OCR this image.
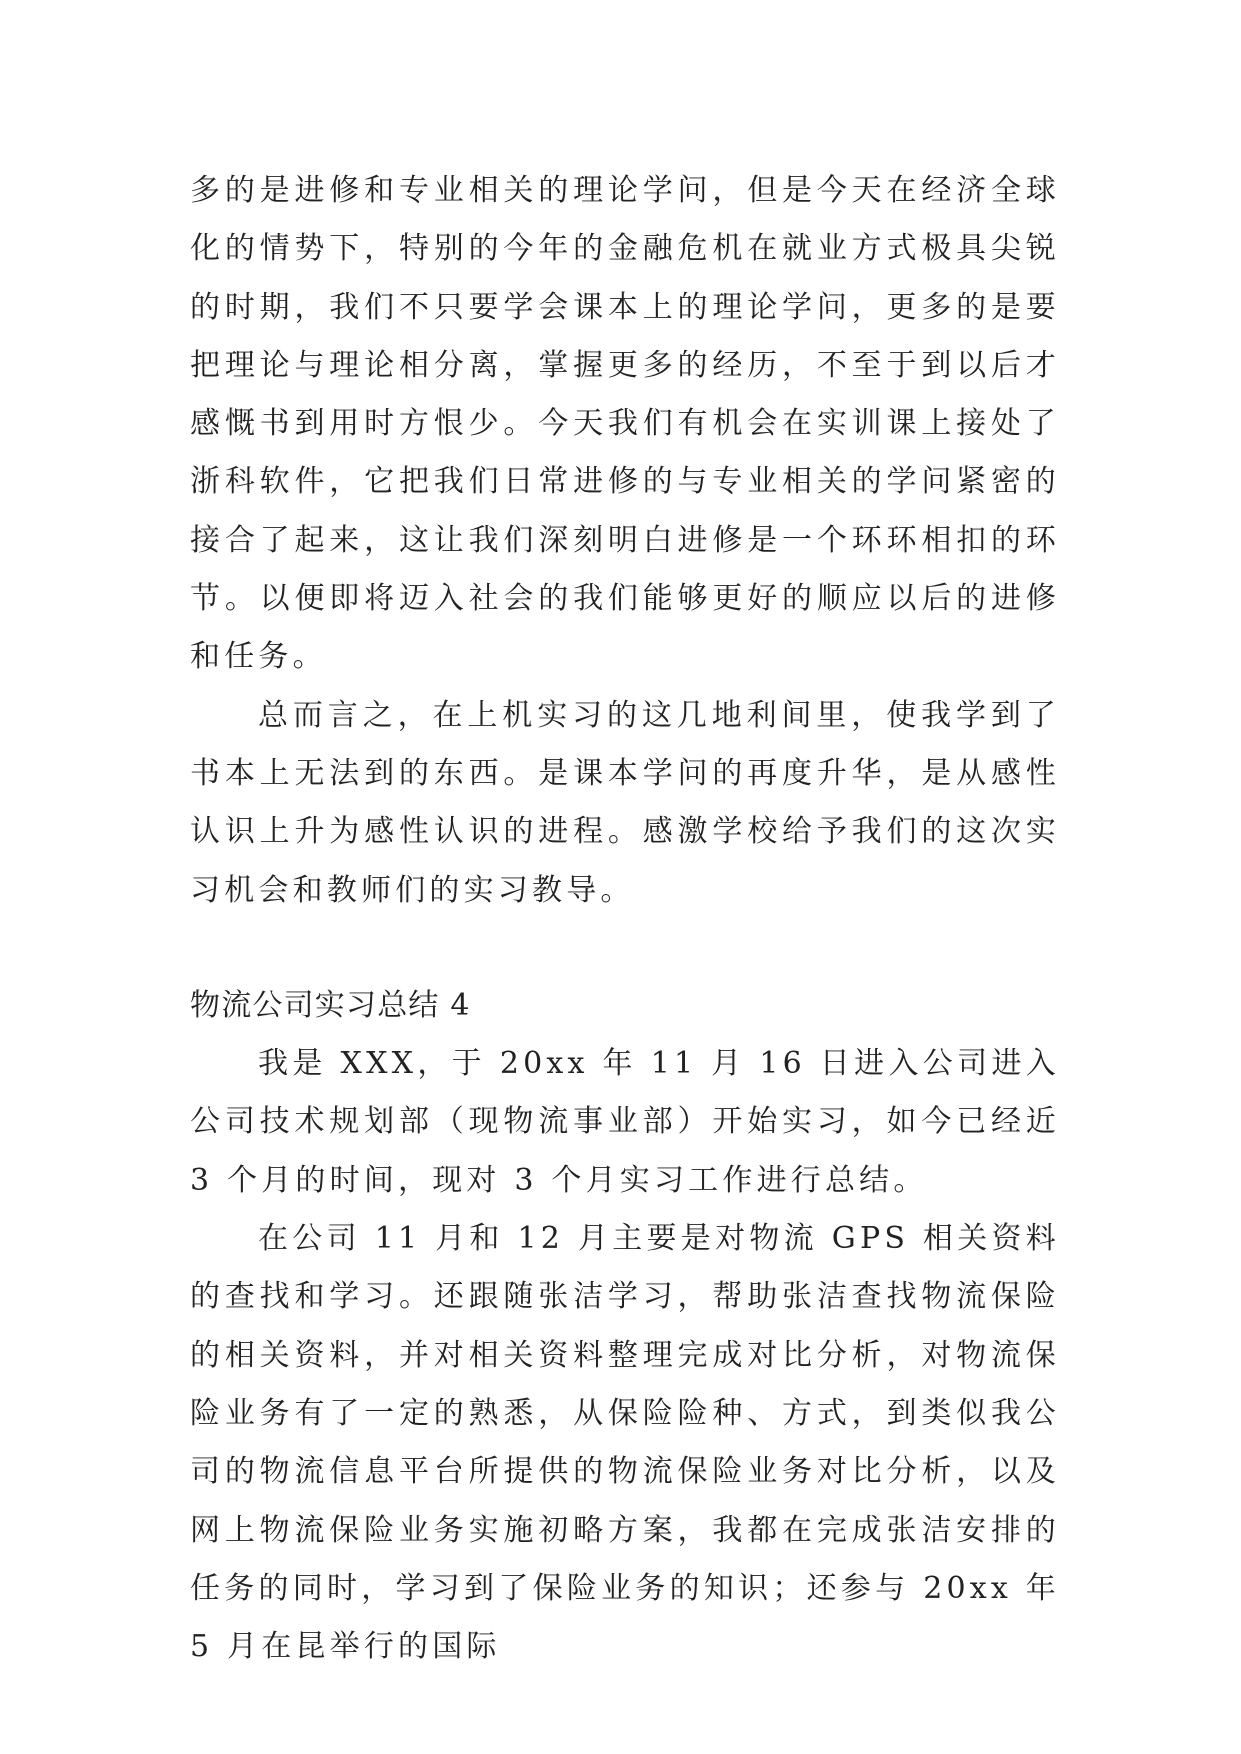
多的是进修和专业相关的理论学问，但是今天在经济全球化的情势下，特别的今年的金融危机在就业方式极具尖锐的时期，我们不只要学会课本上的理论学问，更多的是要把理论与理论相分离，掌握更多的经历，不至于到以后才感慨书到用时方恨少。今天我们有机会在实训课上接处了浙科软件，它把我们日常进修的与专业相关的学问紧密的接合了起来，这让我们深刻明白进修是一个环环相扣的环节。以便即将迈入社会的我们能够更好的顺应以后的进修和任务。

总而言之，在上机实习的这几地利间里，使我学到了书本上无法到的东西。是课本学问的再度升华，是从感性认识上升为感性认识的进程。感激学校给予我们的这次实习机会和教师们的实习教导。

物流公司实习总结 4

我是 XXX，于 20xx 年 11 月 16 日进入公司进入公司技术规划部（现物流事业部）开始实习，如今已经近 3 个月的时间，现对 3 个月实习工作进行总结。

在公司 11 月和 12 月主要是对物流 GPS 相关资料的查找和学习。还跟随张洁学习，帮助张洁查找物流保险的相关资料，并对相关资料整理完成对比分析，对物流保险业务有了一定的熟悉，从保险险种、方式，到类似我公司的物流信息平台所提供的物流保险业务对比分析，以及网上物流保险业务实施初略方案，我都在完成张洁安排的任务的同时，学习到了保险业务的知识；还参与 20xx 年 5 月在昆举行的国际
